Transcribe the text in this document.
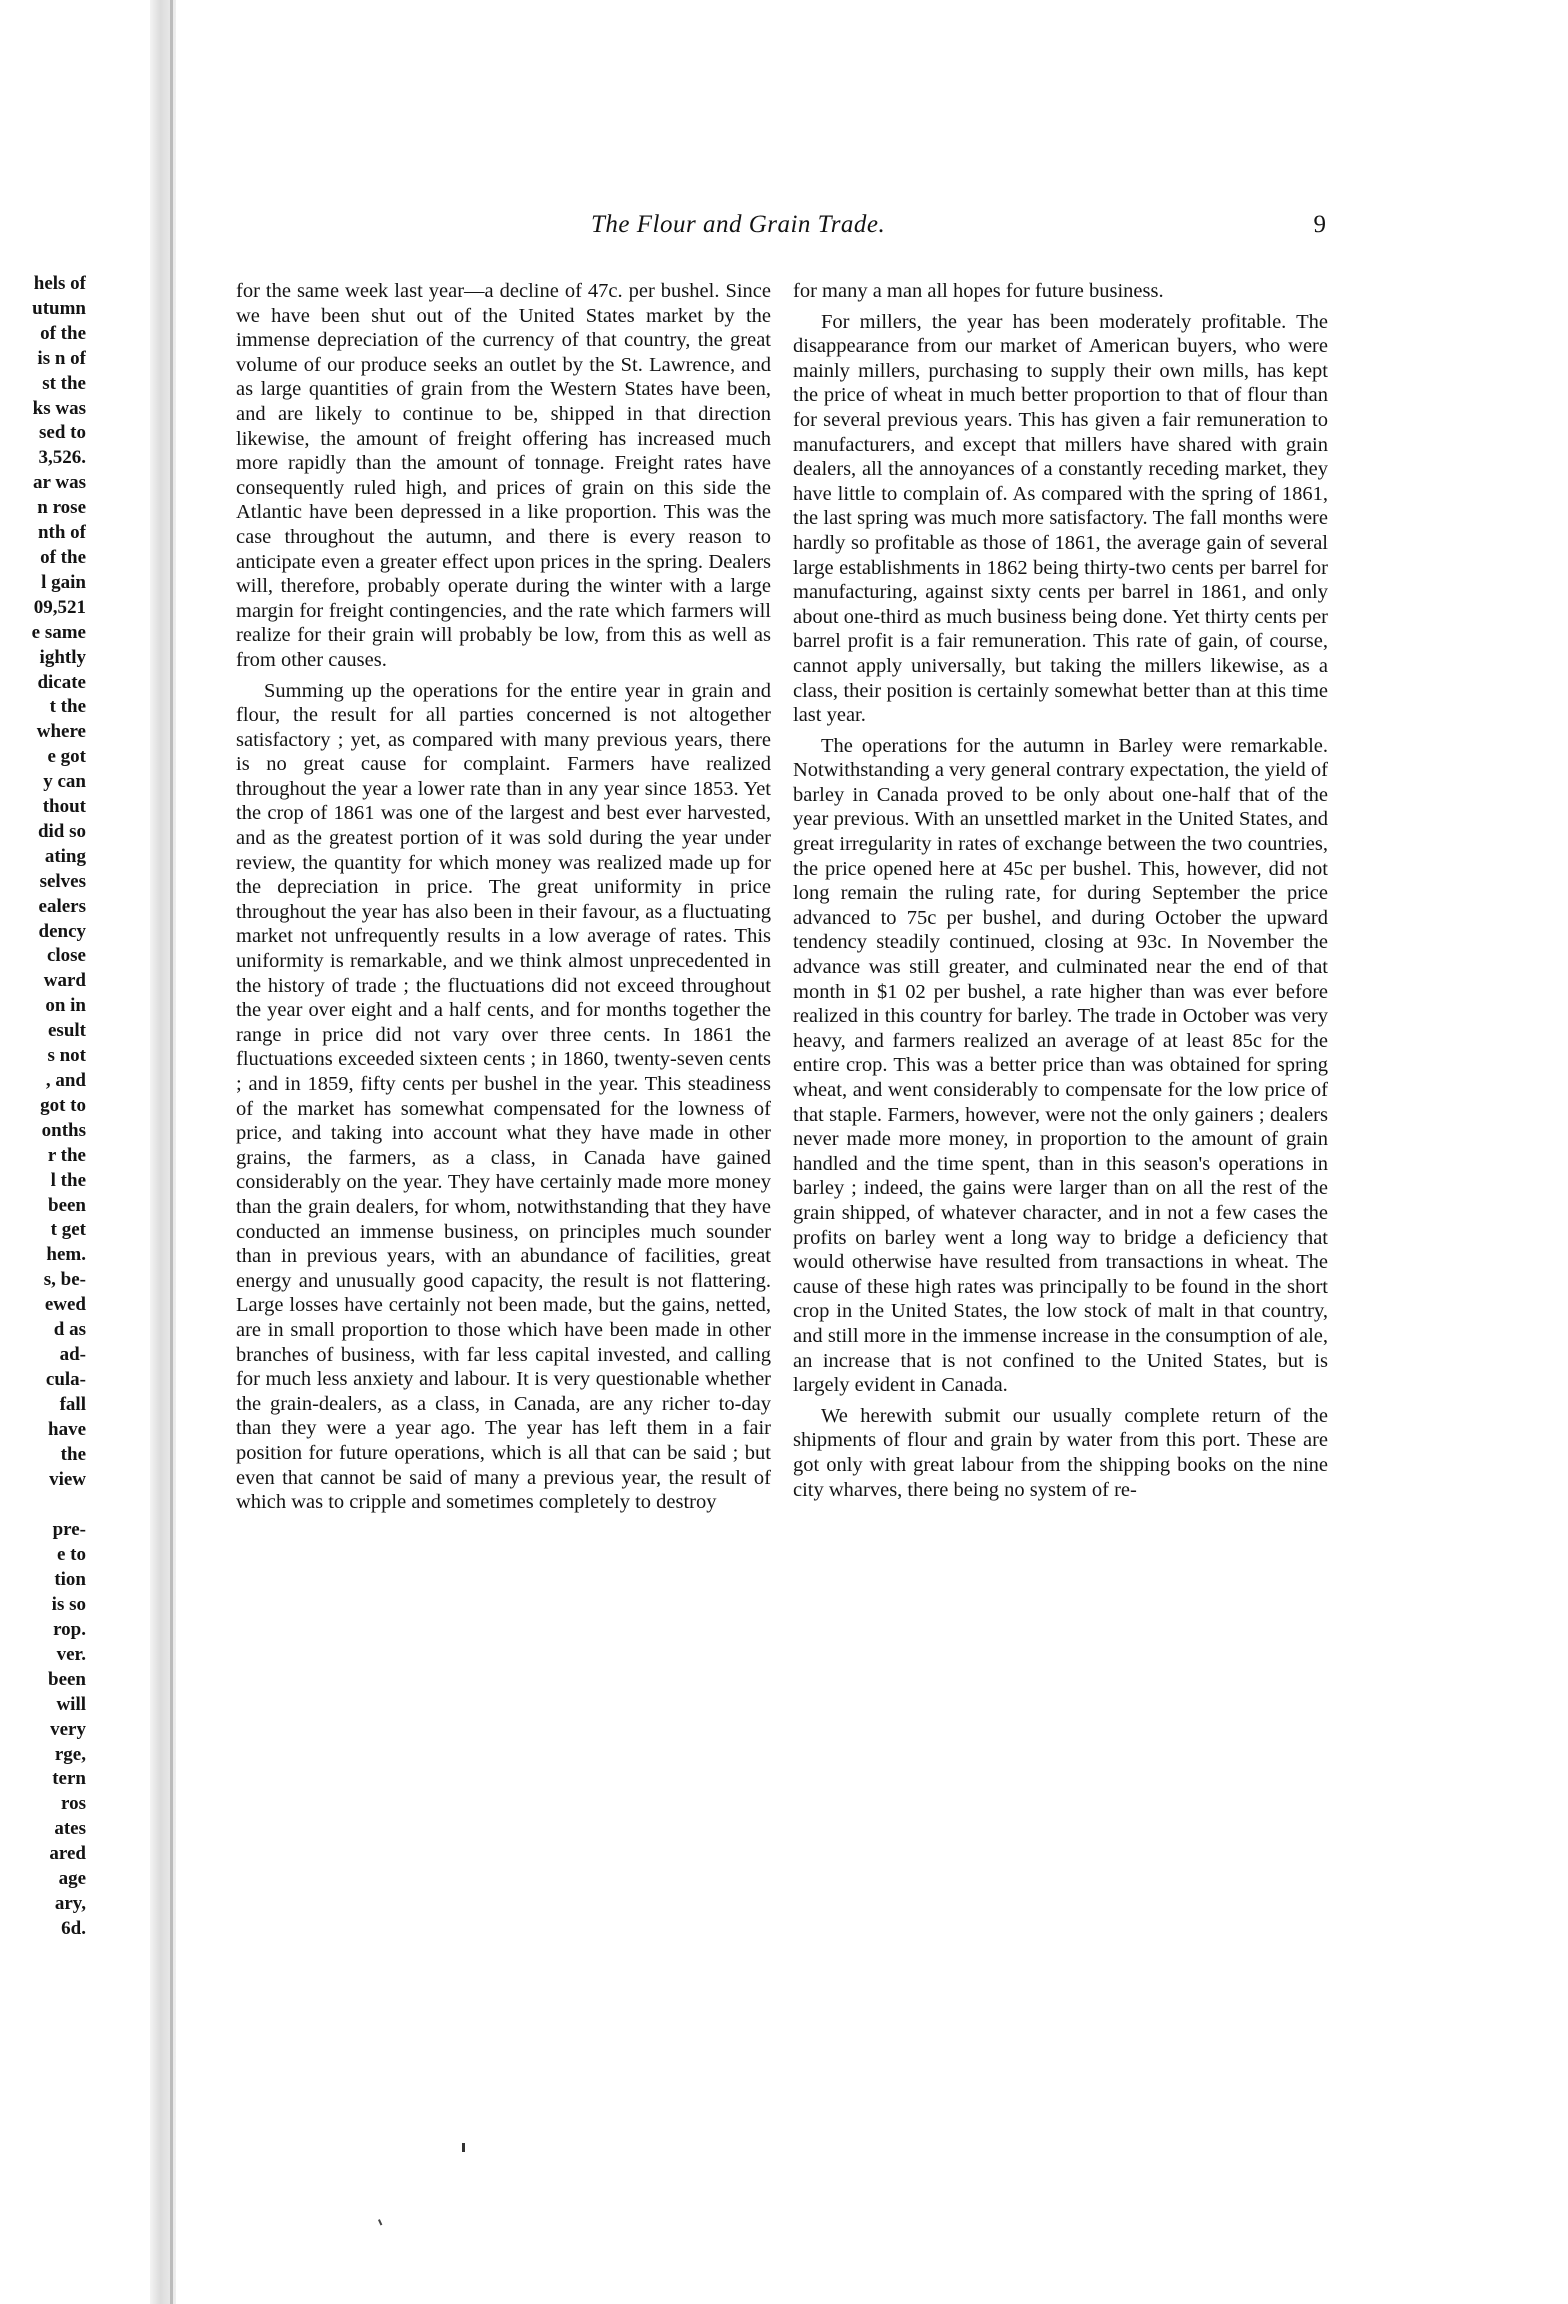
hels of
utumn
of the
is n of
st the
ks was
sed to
3,526.
ar was
n rose
nth of
of the
l gain
09,521
e same
ightly
dicate
t the
where
e got
y can
thout
did so
ating
selves
ealers
dency
close
ward
on in
esult
s not
, and
got to
onths
r the
l the
been
t get
hem.
s, be-
ewed
d as
ad-
cula-
fall
have
the
view
pre-
e to
tion
is so
rop.
ver.
been
will
very
rge,
tern
ros
ates
ared
age
ary,
6d.
The Flour and Grain Trade.	9

for the same week last year—a decline of 47c. per bushel. Since we have been shut out of the United States market by the immense depreciation of the currency of that country, the great volume of our produce seeks an outlet by the St. Lawrence, and as large quantities of grain from the Western States have been, and are likely to continue to be, shipped in that direction likewise, the amount of freight offering has increased much more rapidly than the amount of tonnage. Freight rates have consequently ruled high, and prices of grain on this side the Atlantic have been depressed in a like proportion. This was the case throughout the autumn, and there is every reason to anticipate even a greater effect upon prices in the spring. Dealers will, therefore, probably operate during the winter with a large margin for freight contingencies, and the rate which farmers will realize for their grain will probably be low, from this as well as from other causes.

Summing up the operations for the entire year in grain and flour, the result for all parties concerned is not altogether satisfactory ; yet, as compared with many previous years, there is no great cause for complaint. Farmers have realized throughout the year a lower rate than in any year since 1853. Yet the crop of 1861 was one of the largest and best ever harvested, and as the greatest portion of it was sold during the year under review, the quantity for which money was realized made up for the depreciation in price. The great uniformity in price throughout the year has also been in their favour, as a fluctuating market not unfrequently results in a low average of rates. This uniformity is remarkable, and we think almost unprecedented in the history of trade ; the fluctuations did not exceed throughout the year over eight and a half cents, and for months together the range in price did not vary over three cents. In 1861 the fluctuations exceeded sixteen cents ; in 1860, twenty-seven cents ; and in 1859, fifty cents per bushel in the year. This steadiness of the market has somewhat compensated for the lowness of price, and taking into account what they have made in other grains, the farmers, as a class, in Canada have gained considerably on the year. They have certainly made more money than the grain dealers, for whom, notwithstanding that they have conducted an immense business, on principles much sounder than in previous years, with an abundance of facilities, great energy and unusually good capacity, the result is not flattering. Large losses have certainly not been made, but the gains, netted, are in small proportion to those which have been made in other branches of business, with far less capital invested, and calling for much less anxiety and labour. It is very questionable whether the grain-dealers, as a class, in Canada, are any richer to-day than they were a year ago. The year has left them in a fair position for future operations, which is all that can be said ; but even that cannot be said of many a previous year, the result of which was to cripple and sometimes completely to destroy

for many a man all hopes for future business.

For millers, the year has been moderately profitable. The disappearance from our market of American buyers, who were mainly millers, purchasing to supply their own mills, has kept the price of wheat in much better proportion to that of flour than for several previous years. This has given a fair remuneration to manufacturers, and except that millers have shared with grain dealers, all the annoyances of a constantly receding market, they have little to complain of. As compared with the spring of 1861, the last spring was much more satisfactory. The fall months were hardly so profitable as those of 1861, the average gain of several large establishments in 1862 being thirty-two cents per barrel for manufacturing, against sixty cents per barrel in 1861, and only about one-third as much business being done. Yet thirty cents per barrel profit is a fair remuneration. This rate of gain, of course, cannot apply universally, but taking the millers likewise, as a class, their position is certainly somewhat better than at this time last year.

The operations for the autumn in Barley were remarkable. Notwithstanding a very general contrary expectation, the yield of barley in Canada proved to be only about one-half that of the year previous. With an unsettled market in the United States, and great irregularity in rates of exchange between the two countries, the price opened here at 45c per bushel. This, however, did not long remain the ruling rate, for during September the price advanced to 75c per bushel, and during October the upward tendency steadily continued, closing at 93c. In November the advance was still greater, and culminated near the end of that month in $1 02 per bushel, a rate higher than was ever before realized in this country for barley. The trade in October was very heavy, and farmers realized an average of at least 85c for the entire crop. This was a better price than was obtained for spring wheat, and went considerably to compensate for the low price of that staple. Farmers, however, were not the only gainers ; dealers never made more money, in proportion to the amount of grain handled and the time spent, than in this season's operations in barley ; indeed, the gains were larger than on all the rest of the grain shipped, of whatever character, and in not a few cases the profits on barley went a long way to bridge a deficiency that would otherwise have resulted from transactions in wheat. The cause of these high rates was principally to be found in the short crop in the United States, the low stock of malt in that country, and still more in the immense increase in the consumption of ale, an increase that is not confined to the United States, but is largely evident in Canada.

We herewith submit our usually complete return of the shipments of flour and grain by water from this port. These are got only with great labour from the shipping books on the nine city wharves, there being no system of re-
